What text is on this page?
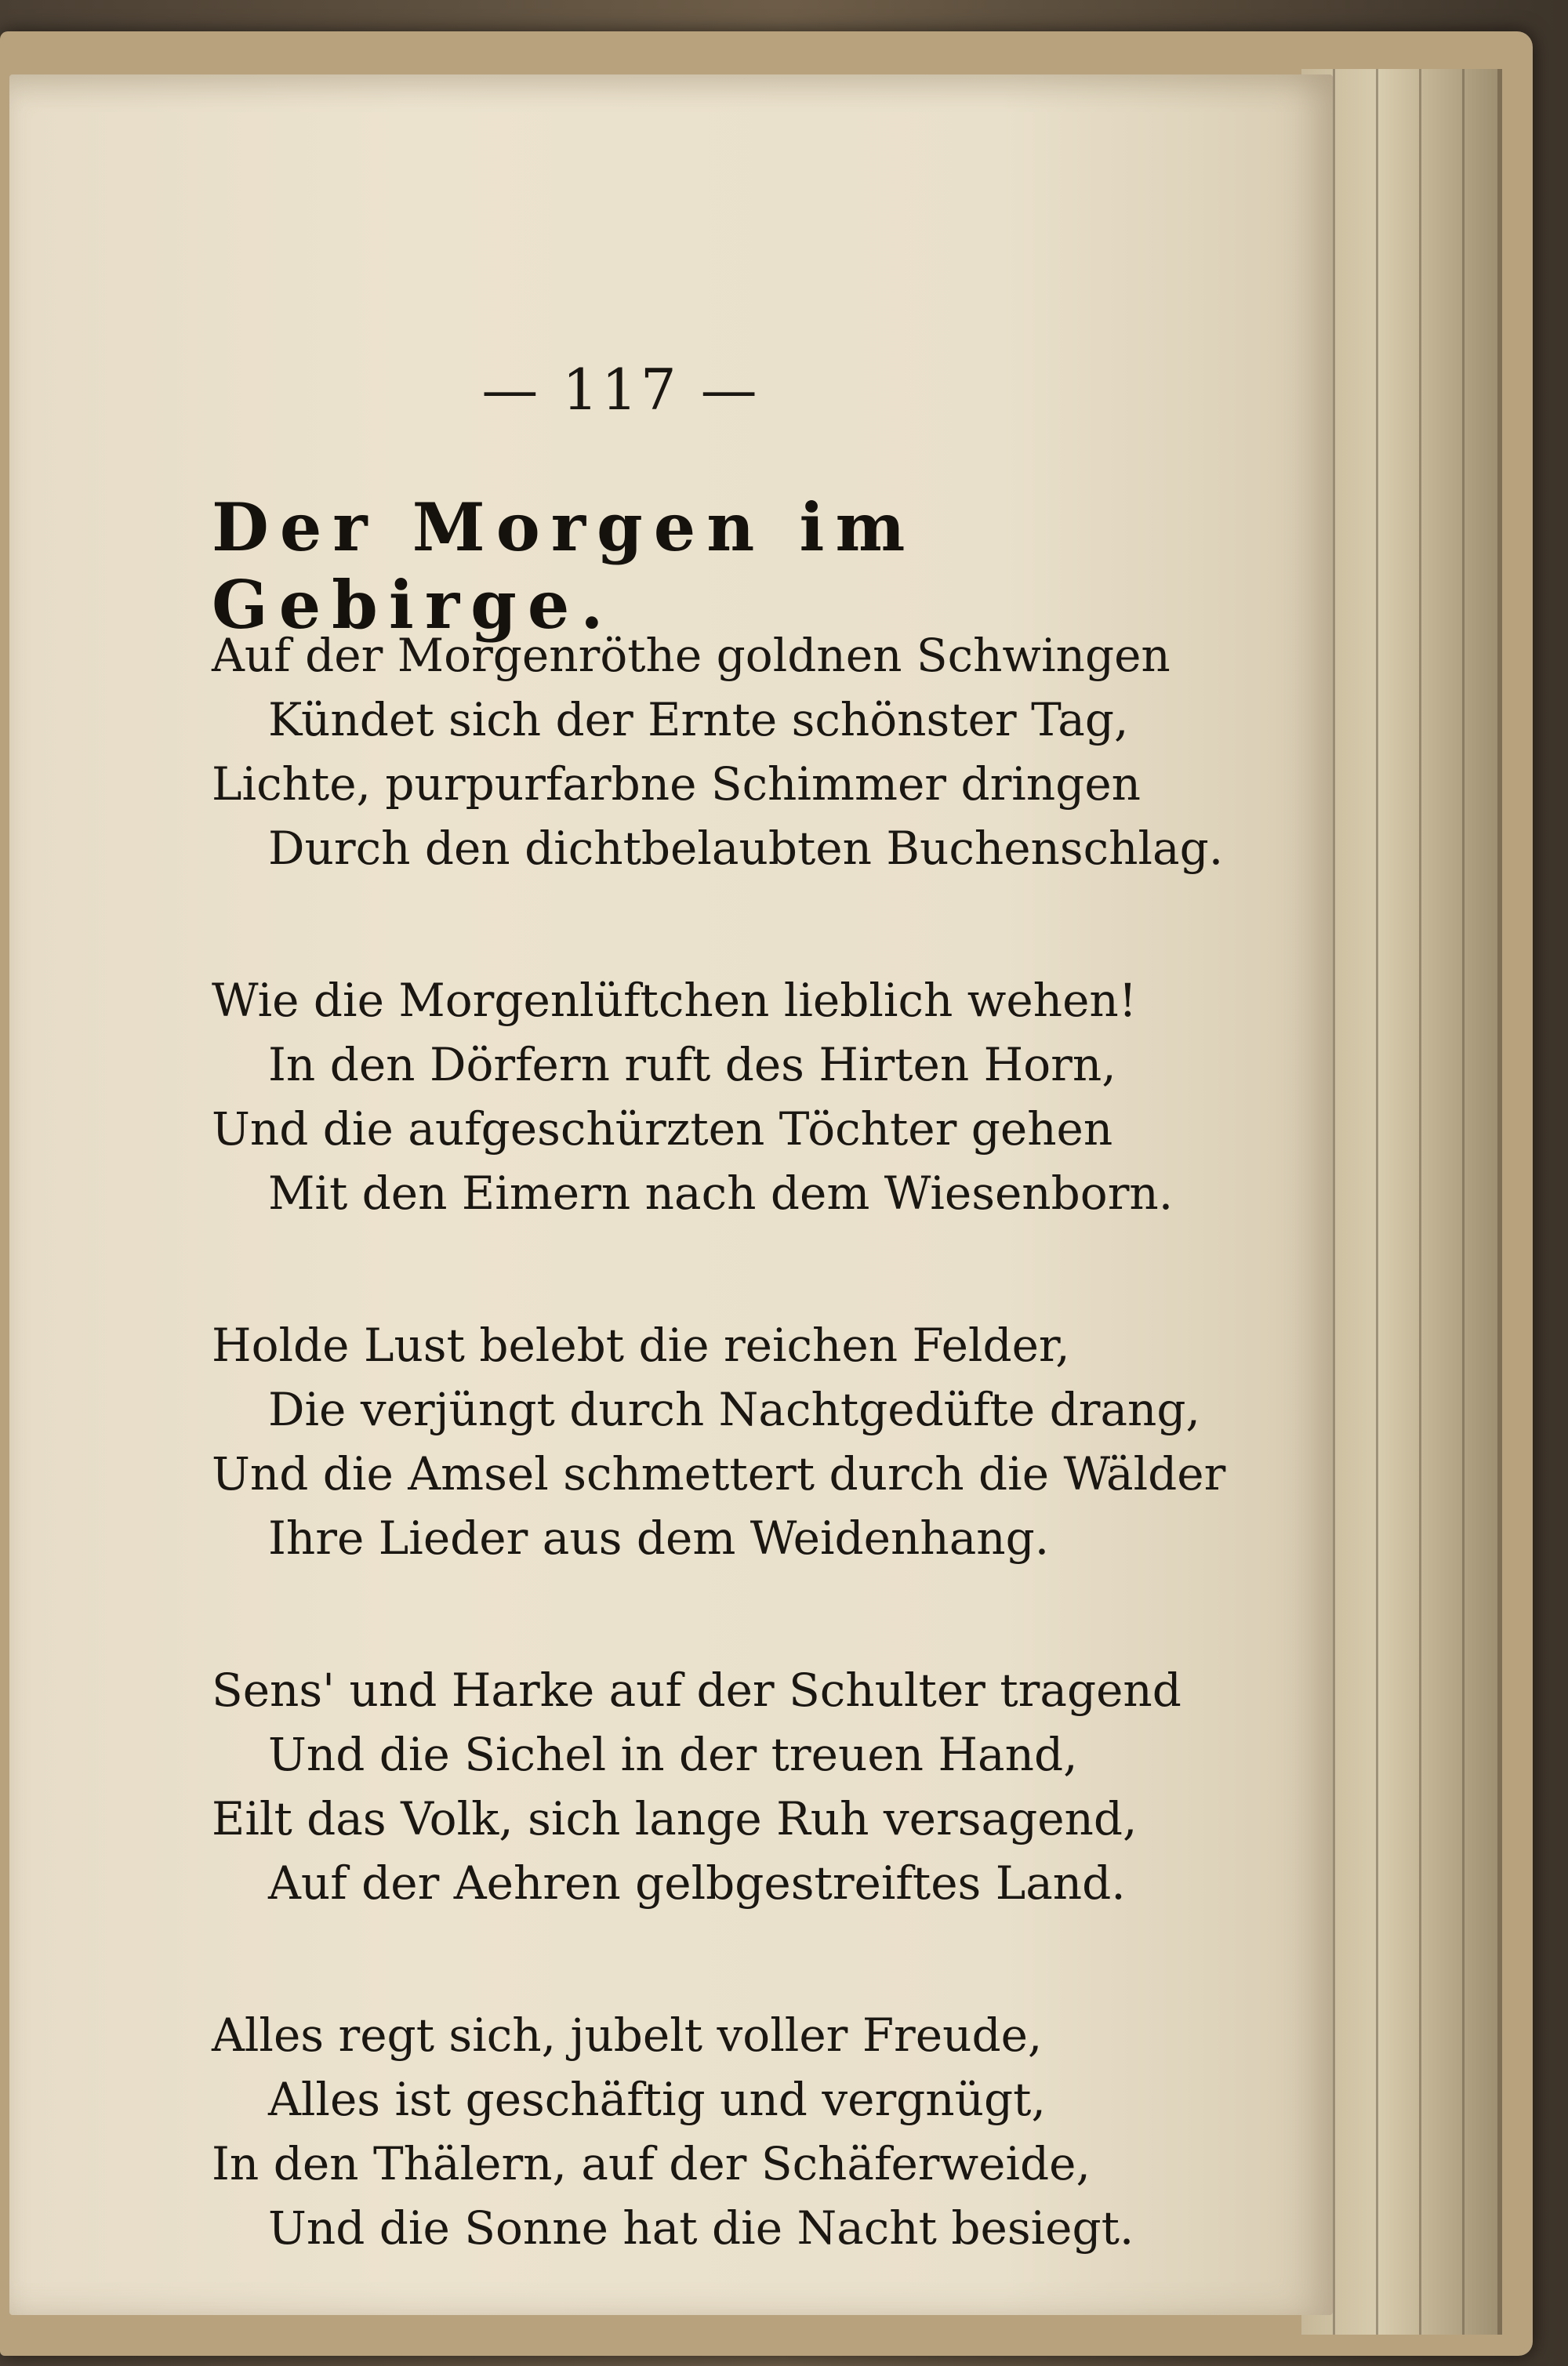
— 117 —

Der Morgen im Gebirge.
Auf der Morgenröthe goldnen Schwingen
Kündet sich der Ernte schönster Tag,
Lichte, purpurfarbne Schimmer dringen
Durch den dichtbelaubten Buchenschlag.
Wie die Morgenlüftchen lieblich wehen!
In den Dörfern ruft des Hirten Horn,
Und die aufgeschürzten Töchter gehen
Mit den Eimern nach dem Wiesenborn.
Holde Lust belebt die reichen Felder,
Die verjüngt durch Nachtgedüfte drang,
Und die Amsel schmettert durch die Wälder
Ihre Lieder aus dem Weidenhang.
Sens' und Harke auf der Schulter tragend
Und die Sichel in der treuen Hand,
Eilt das Volk, sich lange Ruh versagend,
Auf der Aehren gelbgestreiftes Land.
Alles regt sich, jubelt voller Freude,
Alles ist geschäftig und vergnügt,
In den Thälern, auf der Schäferweide,
Und die Sonne hat die Nacht besiegt.
